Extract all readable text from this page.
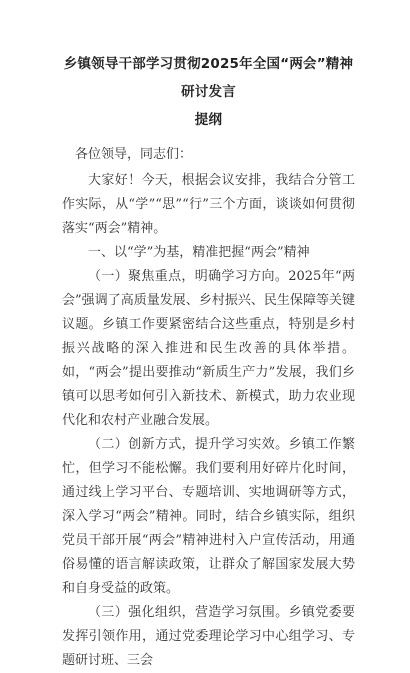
乡镇领导干部学习贯彻2025年全国“两会”精神研讨发言
提纲

各位领导，同志们：

大家好！今天，根据会议安排，我结合分管工作实际，从“学”“思”“行”三个方面，谈谈如何贯彻落实“两会”精神。

一、以“学”为基，精准把握“两会”精神

（一）聚焦重点，明确学习方向。2025年“两会”强调了高质量发展、乡村振兴、民生保障等关键议题。乡镇工作要紧密结合这些重点，特别是乡村振兴战略的深入推进和民生改善的具体举措。如，“两会”提出要推动“新质生产力”发展，我们乡镇可以思考如何引入新技术、新模式，助力农业现代化和农村产业融合发展。

（二）创新方式，提升学习实效。乡镇工作繁忙，但学习不能松懈。我们要利用好碎片化时间，通过线上学习平台、专题培训、实地调研等方式，深入学习“两会”精神。同时，结合乡镇实际，组织党员干部开展“两会”精神进村入户宣传活动，用通俗易懂的语言解读政策，让群众了解国家发展大势和自身受益的政策。

（三）强化组织，营造学习氛围。乡镇党委要发挥引领作用，通过党委理论学习中心组学习、专题研讨班、三会
